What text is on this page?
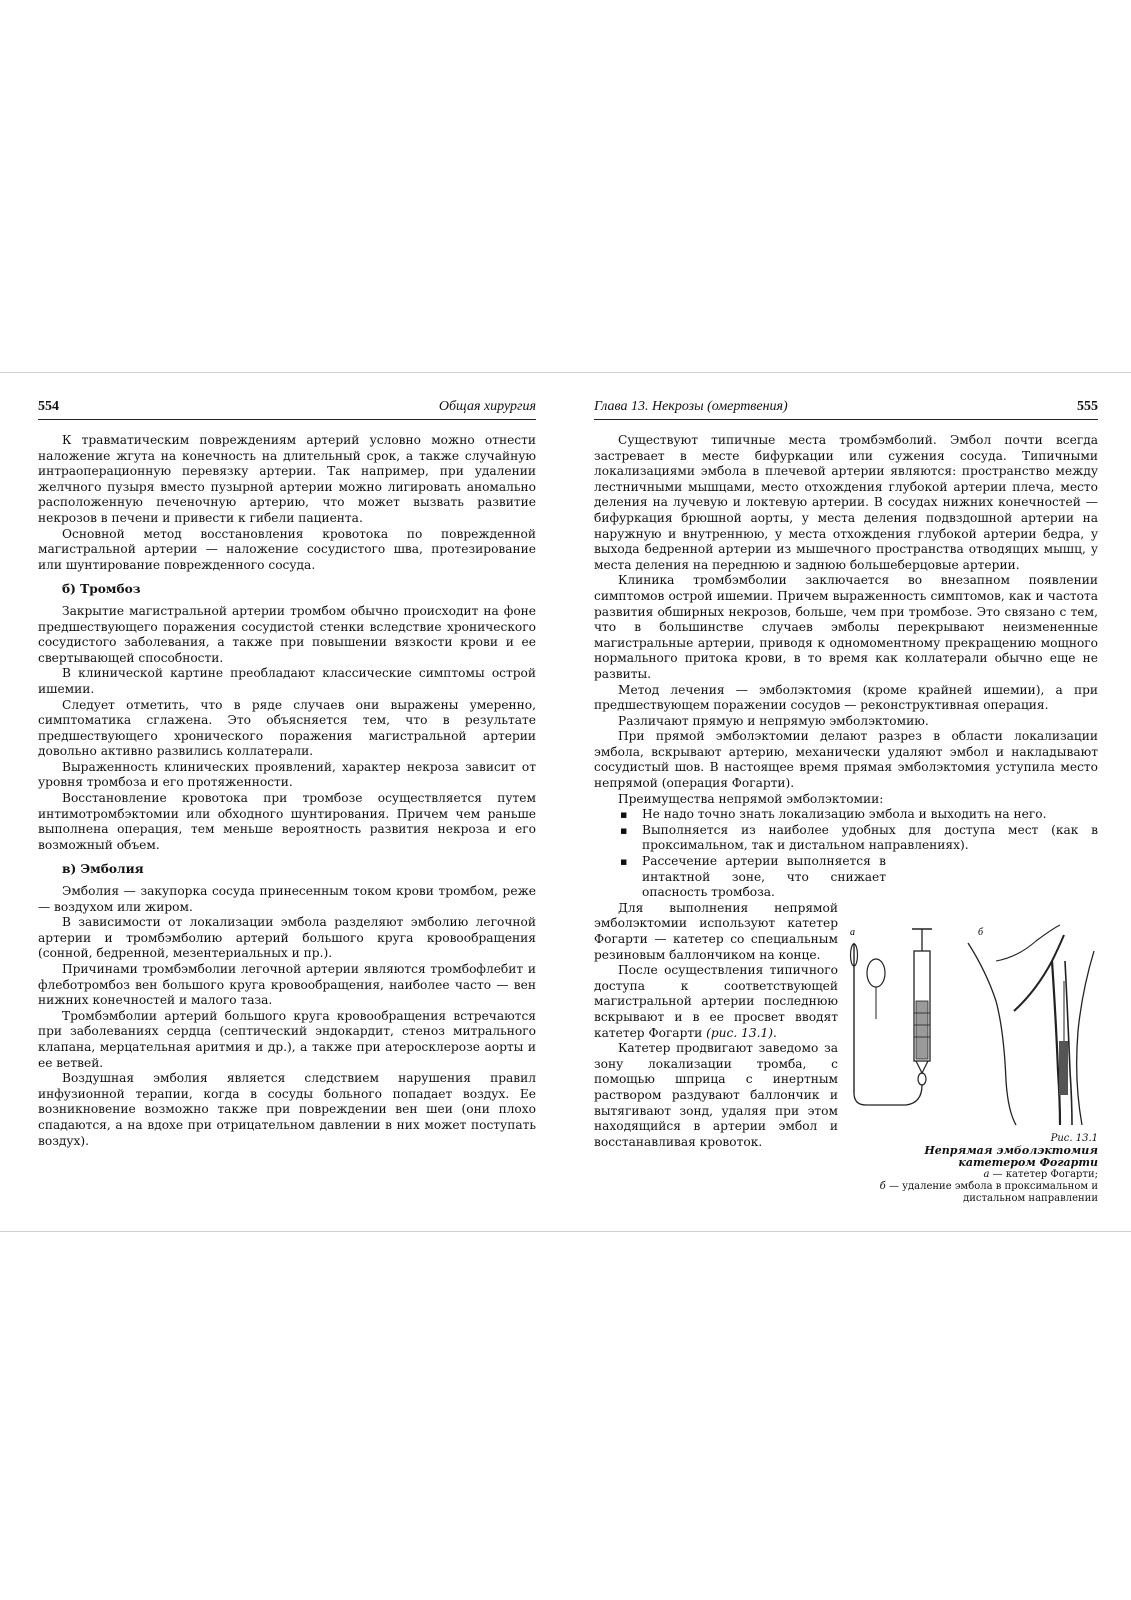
554	Общая хирургия

К травматическим повреждениям артерий условно можно отнести наложение жгута на конечность на длительный срок, а также случайную интраоперационную перевязку артерии. Так например, при удалении желчного пузыря вместо пузырной артерии можно лигировать аномально расположенную печеночную артерию, что может вызвать развитие некрозов в печени и привести к гибели пациента.

Основной метод восстановления кровотока по поврежденной магистральной артерии — наложение сосудистого шва, протезирование или шунтирование поврежденного сосуда.

б) Тромбоз

Закрытие магистральной артерии тромбом обычно происходит на фоне предшествующего поражения сосудистой стенки вследствие хронического сосудистого заболевания, а также при повышении вязкости крови и ее свертывающей способности.

В клинической картине преобладают классические симптомы острой ишемии.

Следует отметить, что в ряде случаев они выражены умеренно, симптоматика сглажена. Это объясняется тем, что в результате предшествующего хронического поражения магистральной артерии довольно активно развились коллатерали.

Выраженность клинических проявлений, характер некроза зависит от уровня тромбоза и его протяженности.

Восстановление кровотока при тромбозе осуществляется путем интимотромбэктомии или обходного шунтирования. Причем чем раньше выполнена операция, тем меньше вероятность развития некроза и его возможный объем.

в) Эмболия

Эмболия — закупорка сосуда принесенным током крови тромбом, реже — воздухом или жиром.

В зависимости от локализации эмбола разделяют эмболию легочной артерии и тромбэмболию артерий большого круга кровообращения (сонной, бедренной, мезентериальных и пр.).

Причинами тромбэмболии легочной артерии являются тромбофлебит и флеботромбоз вен большого круга кровообращения, наиболее часто — вен нижних конечностей и малого таза.

Тромбэмболии артерий большого круга кровообращения встречаются при заболеваниях сердца (септический эндокардит, стеноз митрального клапана, мерцательная аритмия и др.), а также при атеросклерозе аорты и ее ветвей.

Воздушная эмболия является следствием нарушения правил инфузионной терапии, когда в сосуды больного попадает воздух. Ее возникновение возможно также при повреждении вен шеи (они плохо спадаются, а на вдохе при отрицательном давлении в них может поступать воздух).

Глава 13. Некрозы (омертвения)	555

Существуют типичные места тромбэмболий. Эмбол почти всегда застревает в месте бифуркации или сужения сосуда. Типичными локализациями эмбола в плечевой артерии являются: пространство между лестничными мышцами, место отхождения глубокой артерии плеча, место деления на лучевую и локтевую артерии. В сосудах нижних конечностей — бифуркация брюшной аорты, у места деления подвздошной артерии на наружную и внутреннюю, у места отхождения глубокой артерии бедра, у выхода бедренной артерии из мышечного пространства отводящих мышц, у места деления на переднюю и заднюю большеберцовые артерии.

Клиника тромбэмболии заключается во внезапном появлении симптомов острой ишемии. Причем выраженность симптомов, как и частота развития обширных некрозов, больше, чем при тромбозе. Это связано с тем, что в большинстве случаев эмболы перекрывают неизмененные магистральные артерии, приводя к одномоментному прекращению мощного нормального притока крови, в то время как коллатерали обычно еще не развиты.

Метод лечения — эмболэктомия (кроме крайней ишемии), а при предшествующем поражении сосудов — реконструктивная операция.

Различают прямую и непрямую эмболэктомию.

При прямой эмболэктомии делают разрез в области локализации эмбола, вскрывают артерию, механически удаляют эмбол и накладывают сосудистый шов. В настоящее время прямая эмболэктомия уступила место непрямой (операция Фогарти).

Преимущества непрямой эмболэктомии:

▪ Не надо точно знать локализацию эмбола и выходить на него.
▪ Выполняется из наиболее удобных для доступа мест (как в проксимальном, так и дистальном направлениях).
▪ Рассечение артерии выполняется в интактной зоне, что снижает опасность тромбоза.

Для выполнения непрямой эмболэктомии используют катетер Фогарти — катетер со специальным резиновым баллончиком на конце.

После осуществления типичного доступа к соответствующей магистральной артерии последнюю вскрывают и в ее просвет вводят катетер Фогарти (рис. 13.1).

Катетер продвигают заведомо за зону локализации тромба, с помощью шприца с инертным раствором раздувают баллончик и вытягивают зонд, удаляя при этом находящийся в артерии эмбол и восстанавливая кровоток.

а	б
Рис. 13.1
Непрямая эмболэктомия катетером Фогарти
а — катетер Фогарти;
б — удаление эмбола в проксимальном и дистальном направлении
